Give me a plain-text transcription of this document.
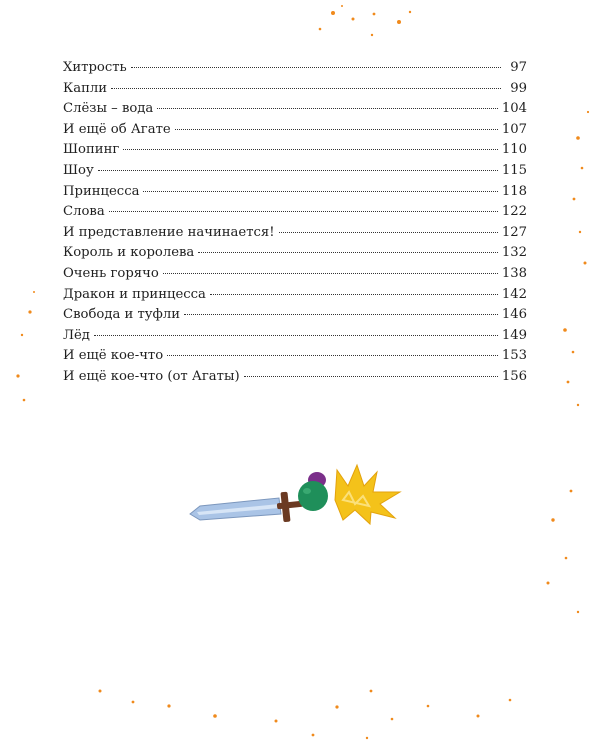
Хитрость	97
Капли	99
Слёзы – вода	104
И ещё об Агате	107
Шопинг	110
Шоу	115
Принцесса	118
Слова	122
И представление начинается!	127
Король и королева	132
Очень горячо	138
Дракон и принцесса	142
Свобода и туфли	146
Лёд	149
И ещё кое-что	153
И ещё кое-что (от Агаты)	156
